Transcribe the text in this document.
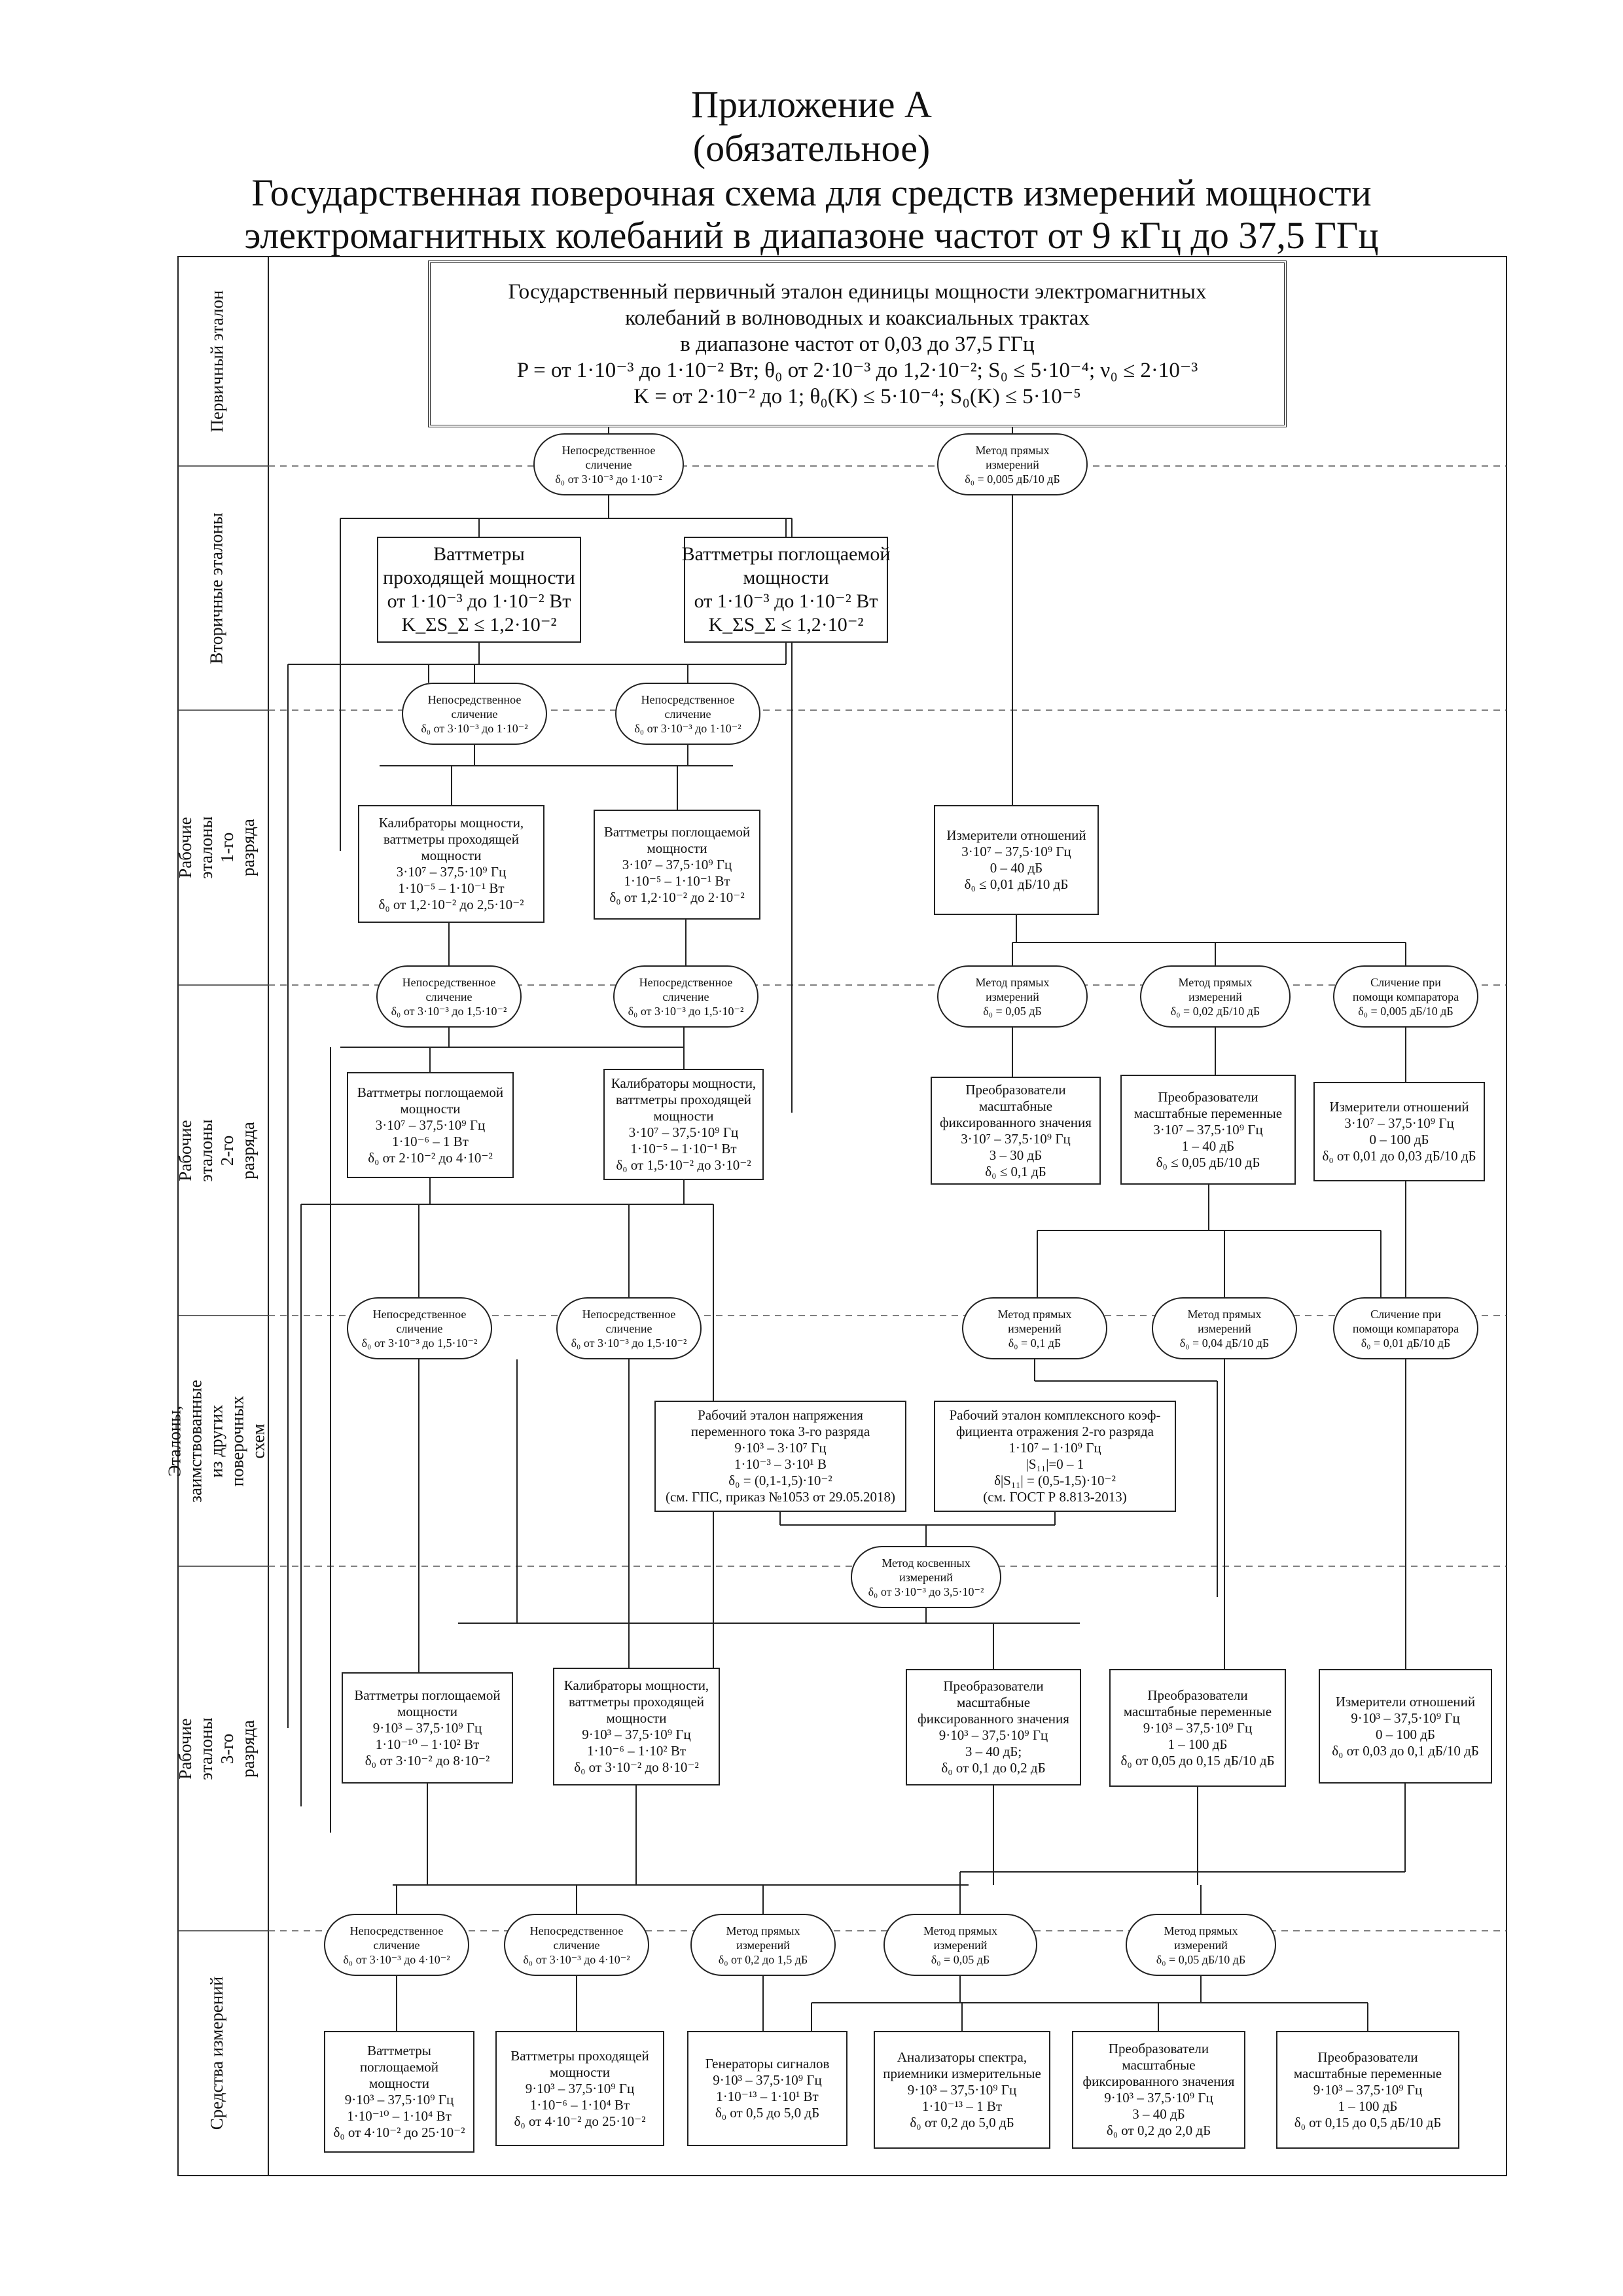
Приложение А
(обязательное)
Государственная поверочная схема для средств измерений мощности
электромагнитных колебаний в диапазоне частот от 9 кГц до 37,5 ГГц
Первичный эталон
Вторичные эталоны
Рабочие эталоны 1-го разряда
Рабочие эталоны 2-го разряда
Эталоны, заимствованные из других поверочных схем
Рабочие эталоны 3-го разряда
Средства измерений
Государственный первичный эталон единицы мощности электромагнитных
колебаний в волноводных и коаксиальных трактах
в диапазоне частот от 0,03 до 37,5 ГГц
P = от 1·10⁻³ до 1·10⁻² Вт; θ₀ от 2·10⁻³ до 1,2·10⁻²; S₀ ≤ 5·10⁻⁴; ν₀ ≤ 2·10⁻³
K = от 2·10⁻² до 1; θ₀(K) ≤ 5·10⁻⁴; S₀(K) ≤ 5·10⁻⁵
Непосредственное
сличение
δ₀ от 3·10⁻³ до 1·10⁻²
Метод прямых
измерений
δ₀ = 0,005 дБ/10 дБ
Непосредственное
сличение
δ₀ от 3·10⁻³ до 1·10⁻²
Непосредственное
сличение
δ₀ от 3·10⁻³ до 1·10⁻²
Непосредственное
сличение
δ₀ от 3·10⁻³ до 1,5·10⁻²
Непосредственное
сличение
δ₀ от 3·10⁻³ до 1,5·10⁻²
Метод прямых
измерений
δ₀ = 0,05 дБ
Метод прямых
измерений
δ₀ = 0,02 дБ/10 дБ
Сличение при
помощи компаратора
δ₀ = 0,005 дБ/10 дБ
Непосредственное
сличение
δ₀ от 3·10⁻³ до 1,5·10⁻²
Непосредственное
сличение
δ₀ от 3·10⁻³ до 1,5·10⁻²
Метод прямых
измерений
δ₀ = 0,1 дБ
Метод прямых
измерений
δ₀ = 0,04 дБ/10 дБ
Сличение при
помощи компаратора
δ₀ = 0,01 дБ/10 дБ
Метод косвенных
измерений
δ₀ от 3·10⁻³ до 3,5·10⁻²
Непосредственное
сличение
δ₀ от 3·10⁻³ до 4·10⁻²
Непосредственное
сличение
δ₀ от 3·10⁻³ до 4·10⁻²
Метод прямых
измерений
δ₀ от 0,2 до 1,5 дБ
Метод прямых
измерений
δ₀ = 0,05 дБ
Метод прямых
измерений
δ₀ = 0,05 дБ/10 дБ
Ваттметры
проходящей мощности
от 1·10⁻³ до 1·10⁻² Вт
K_ΣS_Σ ≤ 1,2·10⁻²
Ваттметры поглощаемой
мощности
от 1·10⁻³ до 1·10⁻² Вт
K_ΣS_Σ ≤ 1,2·10⁻²
Калибраторы мощности,
ваттметры проходящей
мощности
3·10⁷ – 37,5·10⁹ Гц
1·10⁻⁵ – 1·10⁻¹ Вт
δ₀ от 1,2·10⁻² до 2,5·10⁻²
Ваттметры поглощаемой
мощности
3·10⁷ – 37,5·10⁹ Гц
1·10⁻⁵ – 1·10⁻¹ Вт
δ₀ от 1,2·10⁻² до 2·10⁻²
Измерители отношений
3·10⁷ – 37,5·10⁹ Гц
0 – 40 дБ
δ₀ ≤ 0,01 дБ/10 дБ
Ваттметры поглощаемой
мощности
3·10⁷ – 37,5·10⁹ Гц
1·10⁻⁶ – 1 Вт
δ₀ от 2·10⁻² до 4·10⁻²
Калибраторы мощности,
ваттметры проходящей
мощности
3·10⁷ – 37,5·10⁹ Гц
1·10⁻⁵ – 1·10⁻¹ Вт
δ₀ от 1,5·10⁻² до 3·10⁻²
Преобразователи
масштабные
фиксированного значения
3·10⁷ – 37,5·10⁹ Гц
3 – 30 дБ
δ₀ ≤ 0,1 дБ
Преобразователи
масштабные переменные
3·10⁷ – 37,5·10⁹ Гц
1 – 40 дБ
δ₀ ≤ 0,05 дБ/10 дБ
Измерители отношений
3·10⁷ – 37,5·10⁹ Гц
0 – 100 дБ
δ₀ от 0,01 до 0,03 дБ/10 дБ
Рабочий эталон напряжения
переменного тока 3-го разряда
9·10³ – 3·10⁷ Гц
1·10⁻³ – 3·10¹ В
δ₀ = (0,1-1,5)·10⁻²
(см. ГПС, приказ №1053 от 29.05.2018)
Рабочий эталон комплексного коэф-
фициента отражения 2-го разряда
1·10⁷ – 1·10⁹ Гц
|S₁₁|=0 – 1
δ|S₁₁| = (0,5-1,5)·10⁻²
(см. ГОСТ Р 8.813-2013)
Ваттметры поглощаемой
мощности
9·10³ – 37,5·10⁹ Гц
1·10⁻¹⁰ – 1·10² Вт
δ₀ от 3·10⁻² до 8·10⁻²
Калибраторы мощности,
ваттметры проходящей
мощности
9·10³ – 37,5·10⁹ Гц
1·10⁻⁶ – 1·10² Вт
δ₀ от 3·10⁻² до 8·10⁻²
Преобразователи
масштабные
фиксированного значения
9·10³ – 37,5·10⁹ Гц
3 – 40 дБ;
δ₀ от 0,1 до 0,2 дБ
Преобразователи
масштабные переменные
9·10³ – 37,5·10⁹ Гц
1 – 100 дБ
δ₀ от 0,05 до 0,15 дБ/10 дБ
Измерители отношений
9·10³ – 37,5·10⁹ Гц
0 – 100 дБ
δ₀ от 0,03 до 0,1 дБ/10 дБ
Ваттметры
поглощаемой
мощности
9·10³ – 37,5·10⁹ Гц
1·10⁻¹⁰ – 1·10⁴ Вт
δ₀ от 4·10⁻² до 25·10⁻²
Ваттметры проходящей
мощности
9·10³ – 37,5·10⁹ Гц
1·10⁻⁶ – 1·10⁴ Вт
δ₀ от 4·10⁻² до 25·10⁻²
Генераторы сигналов
9·10³ – 37,5·10⁹ Гц
1·10⁻¹³ – 1·10¹ Вт
δ₀ от 0,5 до 5,0 дБ
Анализаторы спектра,
приемники измерительные
9·10³ – 37,5·10⁹ Гц
1·10⁻¹³ – 1 Вт
δ₀ от 0,2 до 5,0 дБ
Преобразователи
масштабные
фиксированного значения
9·10³ – 37,5·10⁹ Гц
3 – 40 дБ
δ₀ от 0,2 до 2,0 дБ
Преобразователи
масштабные переменные
9·10³ – 37,5·10⁹ Гц
1 – 100 дБ
δ₀ от 0,15 до 0,5 дБ/10 дБ
